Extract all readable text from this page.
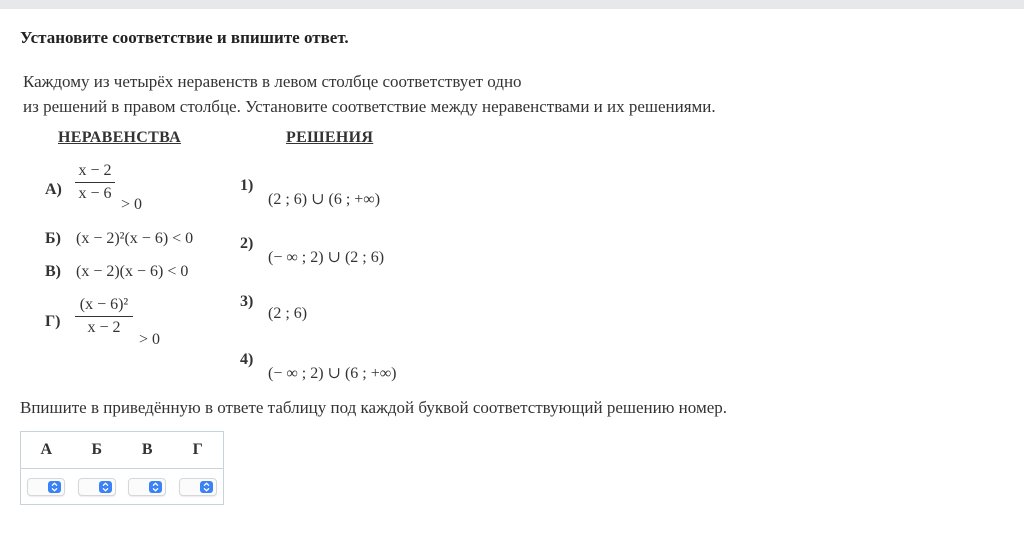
Установите соответствие и впишите ответ.

Каждому из четырёх неравенств в левом столбце соответствует одно

из решений в правом столбце. Установите соответствие между неравенствами и их решениями.

НЕРАВЕНСТВА	РЕШЕНИЯ
$А) \frac{x - 2}{x - 6}$
> 0
Б) (x − 2)²(x − 6) < 0
В) (x − 2)(x − 6) < 0
$Г) \frac{\text{(x − 6)²}}{x - 2}$
> 0
1)
(2 ; 6) ∪ (6 ; +∞)
2)
(− ∞ ; 2) ∪ (2 ; 6)
3)
(2 ; 6)
4)
(− ∞ ; 2) ∪ (6 ; +∞)
Впишите в приведённую в ответе таблицу под каждой буквой соответствующий решению номер.
А	Б	В	Г
